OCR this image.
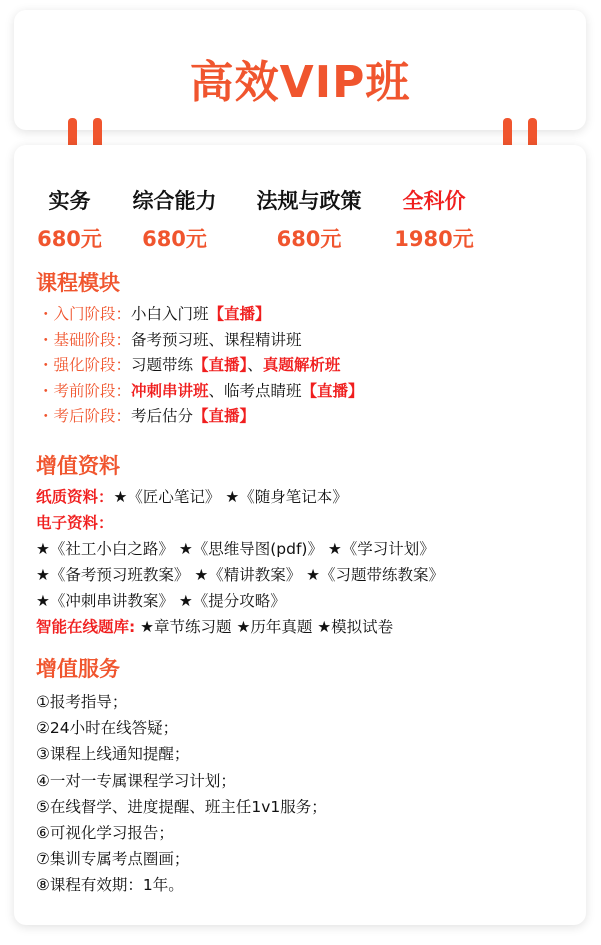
高效VIP班
实务
680元
综合能力
680元
法规与政策
680元
全科价
1980元
课程模块
・入门阶段：小白入门班【直播】
・基础阶段：备考预习班、课程精讲班
・强化阶段：习题带练【直播】、真题解析班
・考前阶段：冲刺串讲班、临考点睛班【直播】
・考后阶段：考后估分【直播】
增值资料
纸质资料：★《匠心笔记》 ★《随身笔记本》
电子资料：
★《社工小白之路》 ★《思维导图(pdf)》 ★《学习计划》
★《备考预习班教案》 ★《精讲教案》 ★《习题带练教案》
★《冲刺串讲教案》 ★《提分攻略》
智能在线题库: ★章节练习题 ★历年真题 ★模拟试卷
增值服务
①报考指导；
②24小时在线答疑；
③课程上线通知提醒；
④一对一专属课程学习计划；
⑤在线督学、进度提醒、班主任1v1服务；
⑥可视化学习报告；
⑦集训专属考点圈画；
⑧课程有效期：1年。
